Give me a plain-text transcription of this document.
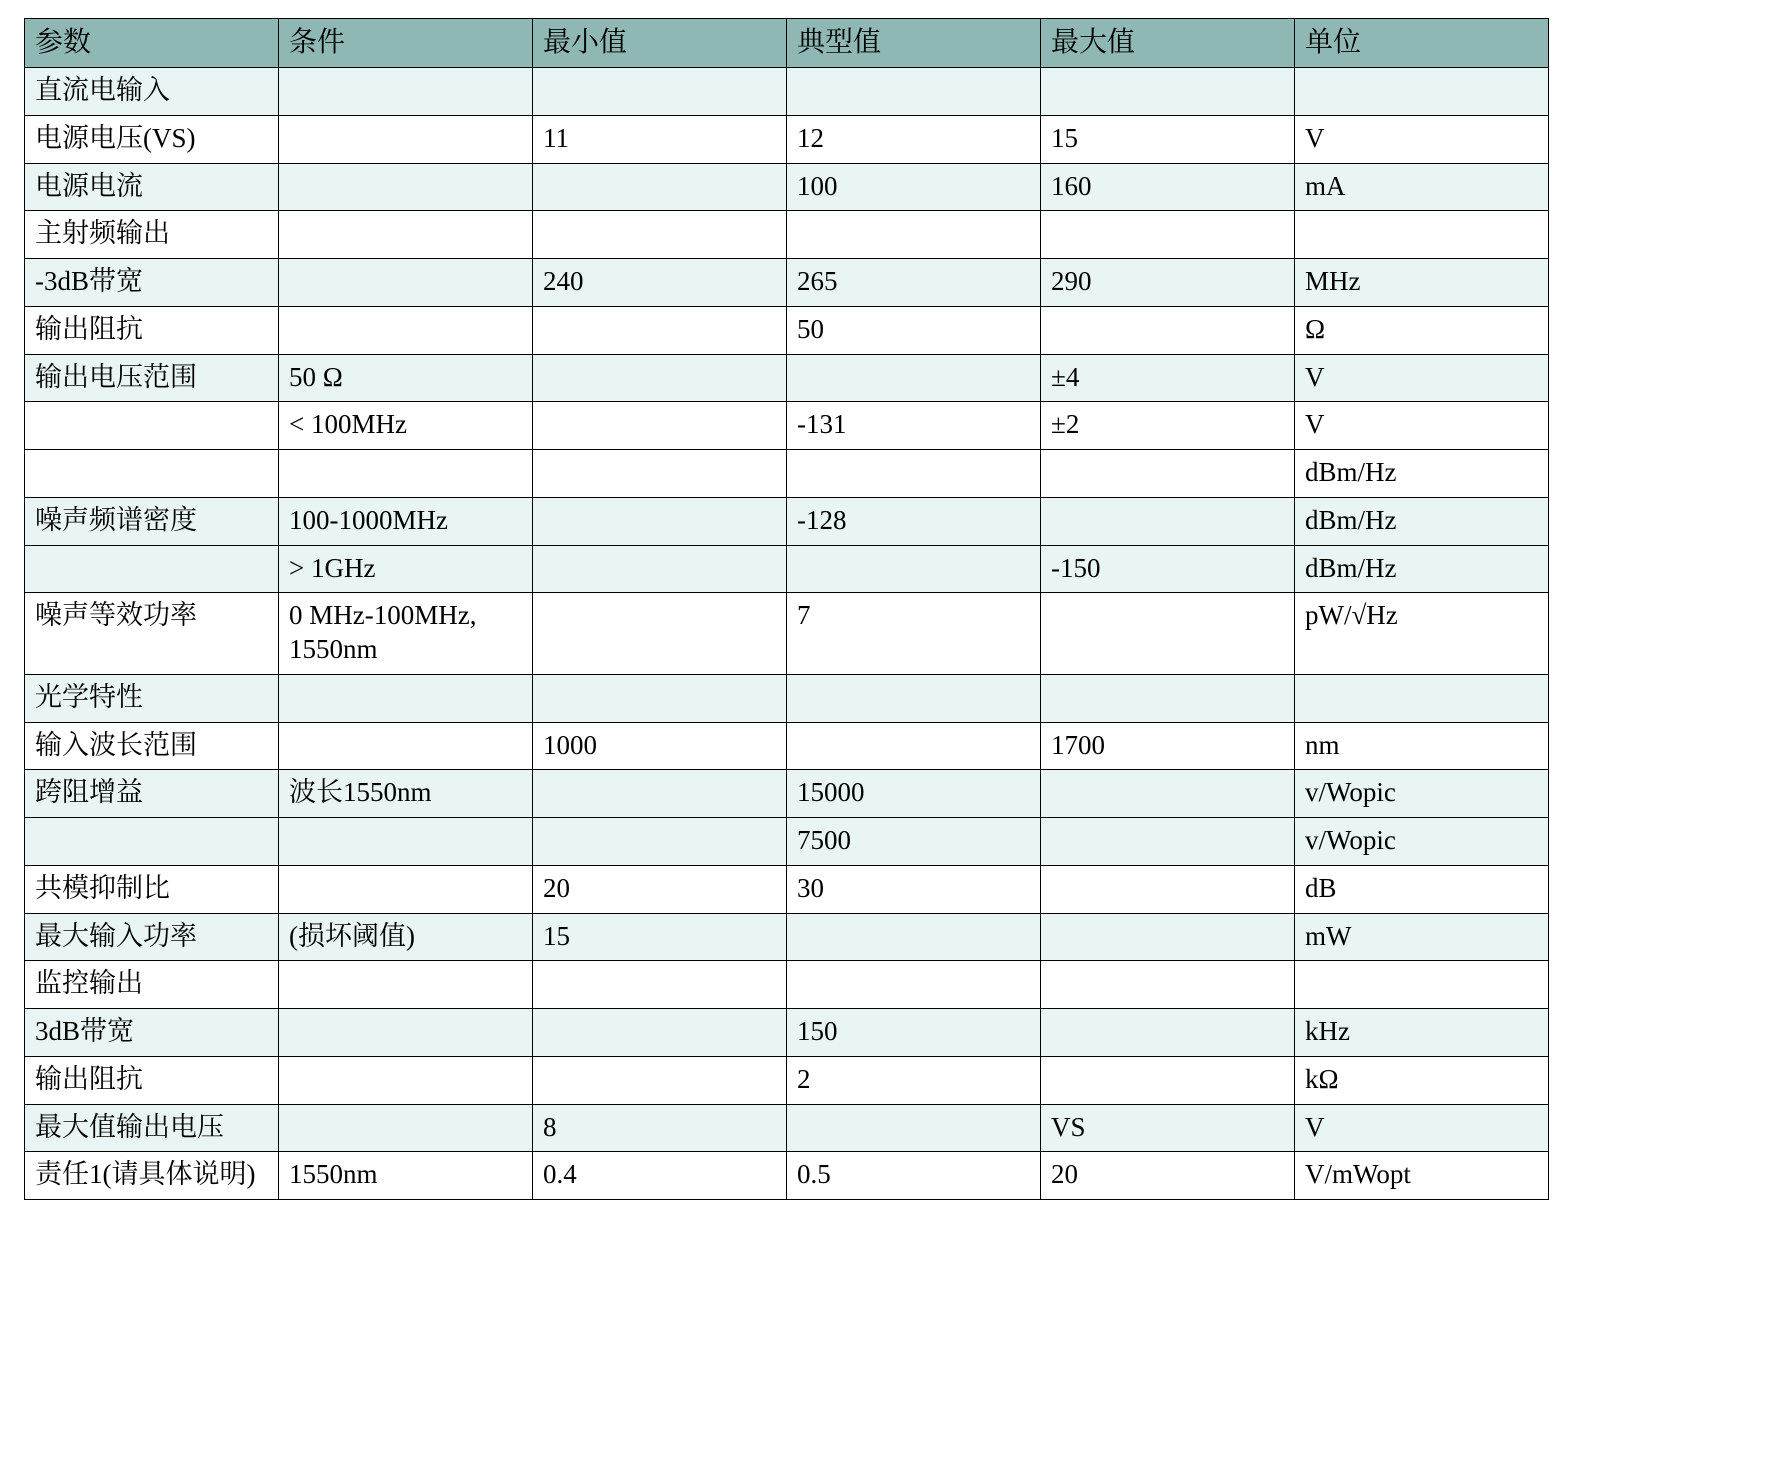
参数	条件	最小值	典型值	最大值	单位
直流电输入					
电源电压(VS)		11	12	15	V
电源电流			100	160	mA
主射频输出					
-3dB带宽		240	265	290	MHz
输出阻抗			50		Ω
输出电压范围	50 Ω			±4	V
	< 100MHz		-131	±2	V
					dBm/Hz
噪声频谱密度	100-1000MHz		-128		dBm/Hz
	> 1GHz			-150	dBm/Hz
噪声等效功率	0 MHz-100MHz, 1550nm		7		pW/√Hz
光学特性					
输入波长范围		1000		1700	nm
跨阻增益	波长1550nm		15000		v/Wopic
			7500		v/Wopic
共模抑制比		20	30		dB
最大输入功率	(损坏阈值)	15			mW
监控输出					
3dB带宽			150		kHz
输出阻抗			2		kΩ
最大值输出电压		8		VS	V
责任1(请具体说明)	1550nm	0.4	0.5	20	V/mWopt
